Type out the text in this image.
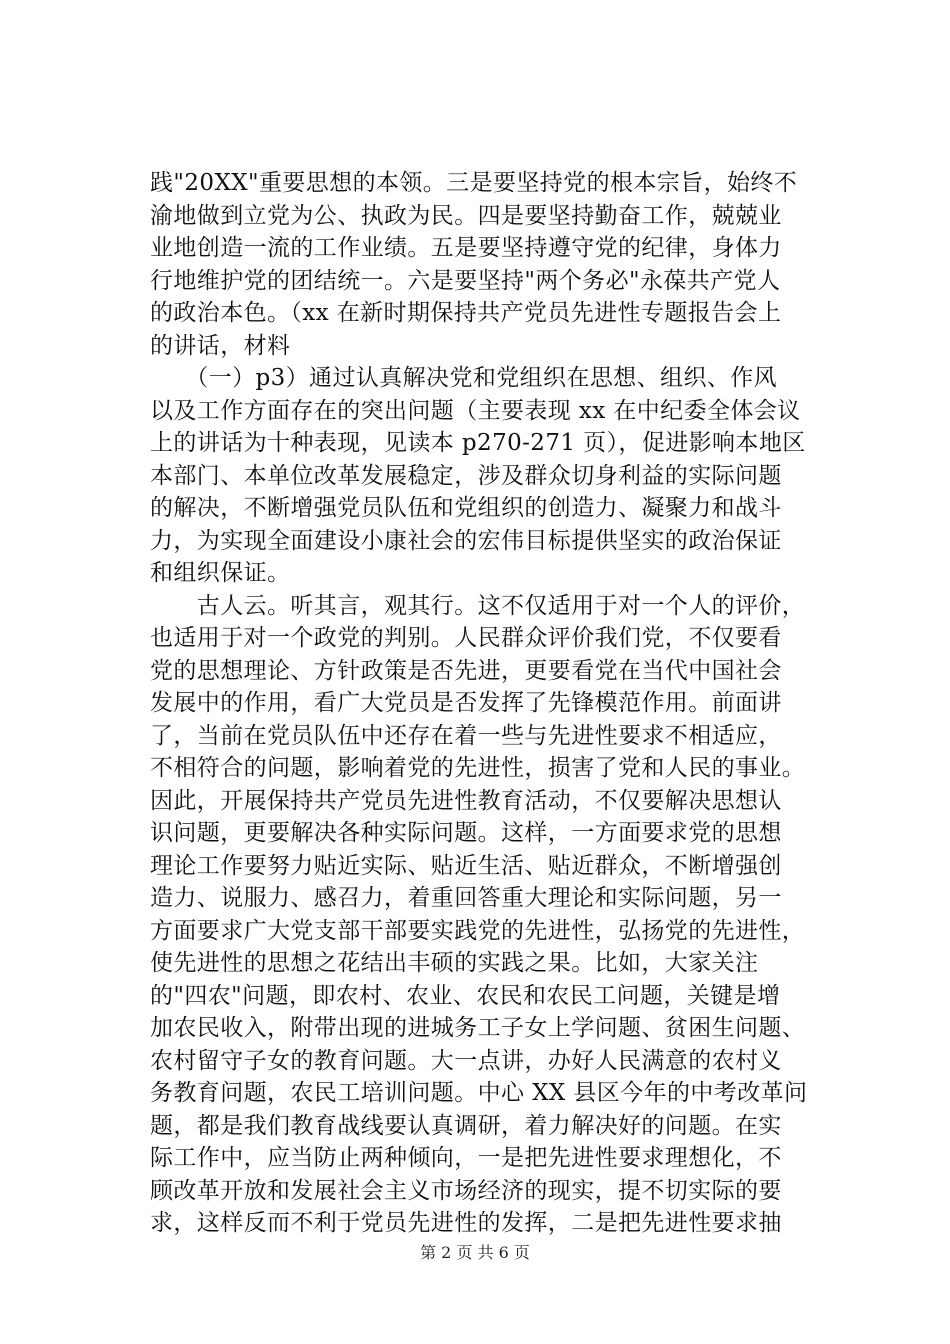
践"20XX"重要思想的本领。三是要坚持党的根本宗旨，始终不
渝地做到立党为公、执政为民。四是要坚持勤奋工作，兢兢业
业地创造一流的工作业绩。五是要坚持遵守党的纪律，身体力
行地维护党的团结统一。六是要坚持"两个务必"永葆共产党人
的政治本色。（xx 在新时期保持共产党员先进性专题报告会上
的讲话，材料
　　（一）p3）通过认真解决党和党组织在思想、组织、作风
以及工作方面存在的突出问题（主要表现 xx 在中纪委全体会议
上的讲话为十种表现，见读本 p270-271 页），促进影响本地区
本部门、本单位改革发展稳定，涉及群众切身利益的实际问题
的解决，不断增强党员队伍和党组织的创造力、凝聚力和战斗
力，为实现全面建设小康社会的宏伟目标提供坚实的政治保证
和组织保证。
　　古人云。听其言，观其行。这不仅适用于对一个人的评价，
也适用于对一个政党的判别。人民群众评价我们党，不仅要看
党的思想理论、方针政策是否先进，更要看党在当代中国社会
发展中的作用，看广大党员是否发挥了先锋模范作用。前面讲
了，当前在党员队伍中还存在着一些与先进性要求不相适应，
不相符合的问题，影响着党的先进性，损害了党和人民的事业。
因此，开展保持共产党员先进性教育活动，不仅要解决思想认
识问题，更要解决各种实际问题。这样，一方面要求党的思想
理论工作要努力贴近实际、贴近生活、贴近群众，不断增强创
造力、说服力、感召力，着重回答重大理论和实际问题，另一
方面要求广大党支部干部要实践党的先进性，弘扬党的先进性，
使先进性的思想之花结出丰硕的实践之果。比如，大家关注
的"四农"问题，即农村、农业、农民和农民工问题，关键是增
加农民收入，附带出现的进城务工子女上学问题、贫困生问题、
农村留守子女的教育问题。大一点讲，办好人民满意的农村义
务教育问题，农民工培训问题。中心 XX 县区今年的中考改革问
题，都是我们教育战线要认真调研，着力解决好的问题。在实
际工作中，应当防止两种倾向，一是把先进性要求理想化，不
顾改革开放和发展社会主义市场经济的现实，提不切实际的要
求，这样反而不利于党员先进性的发挥，二是把先进性要求抽
第 2 页 共 6 页
